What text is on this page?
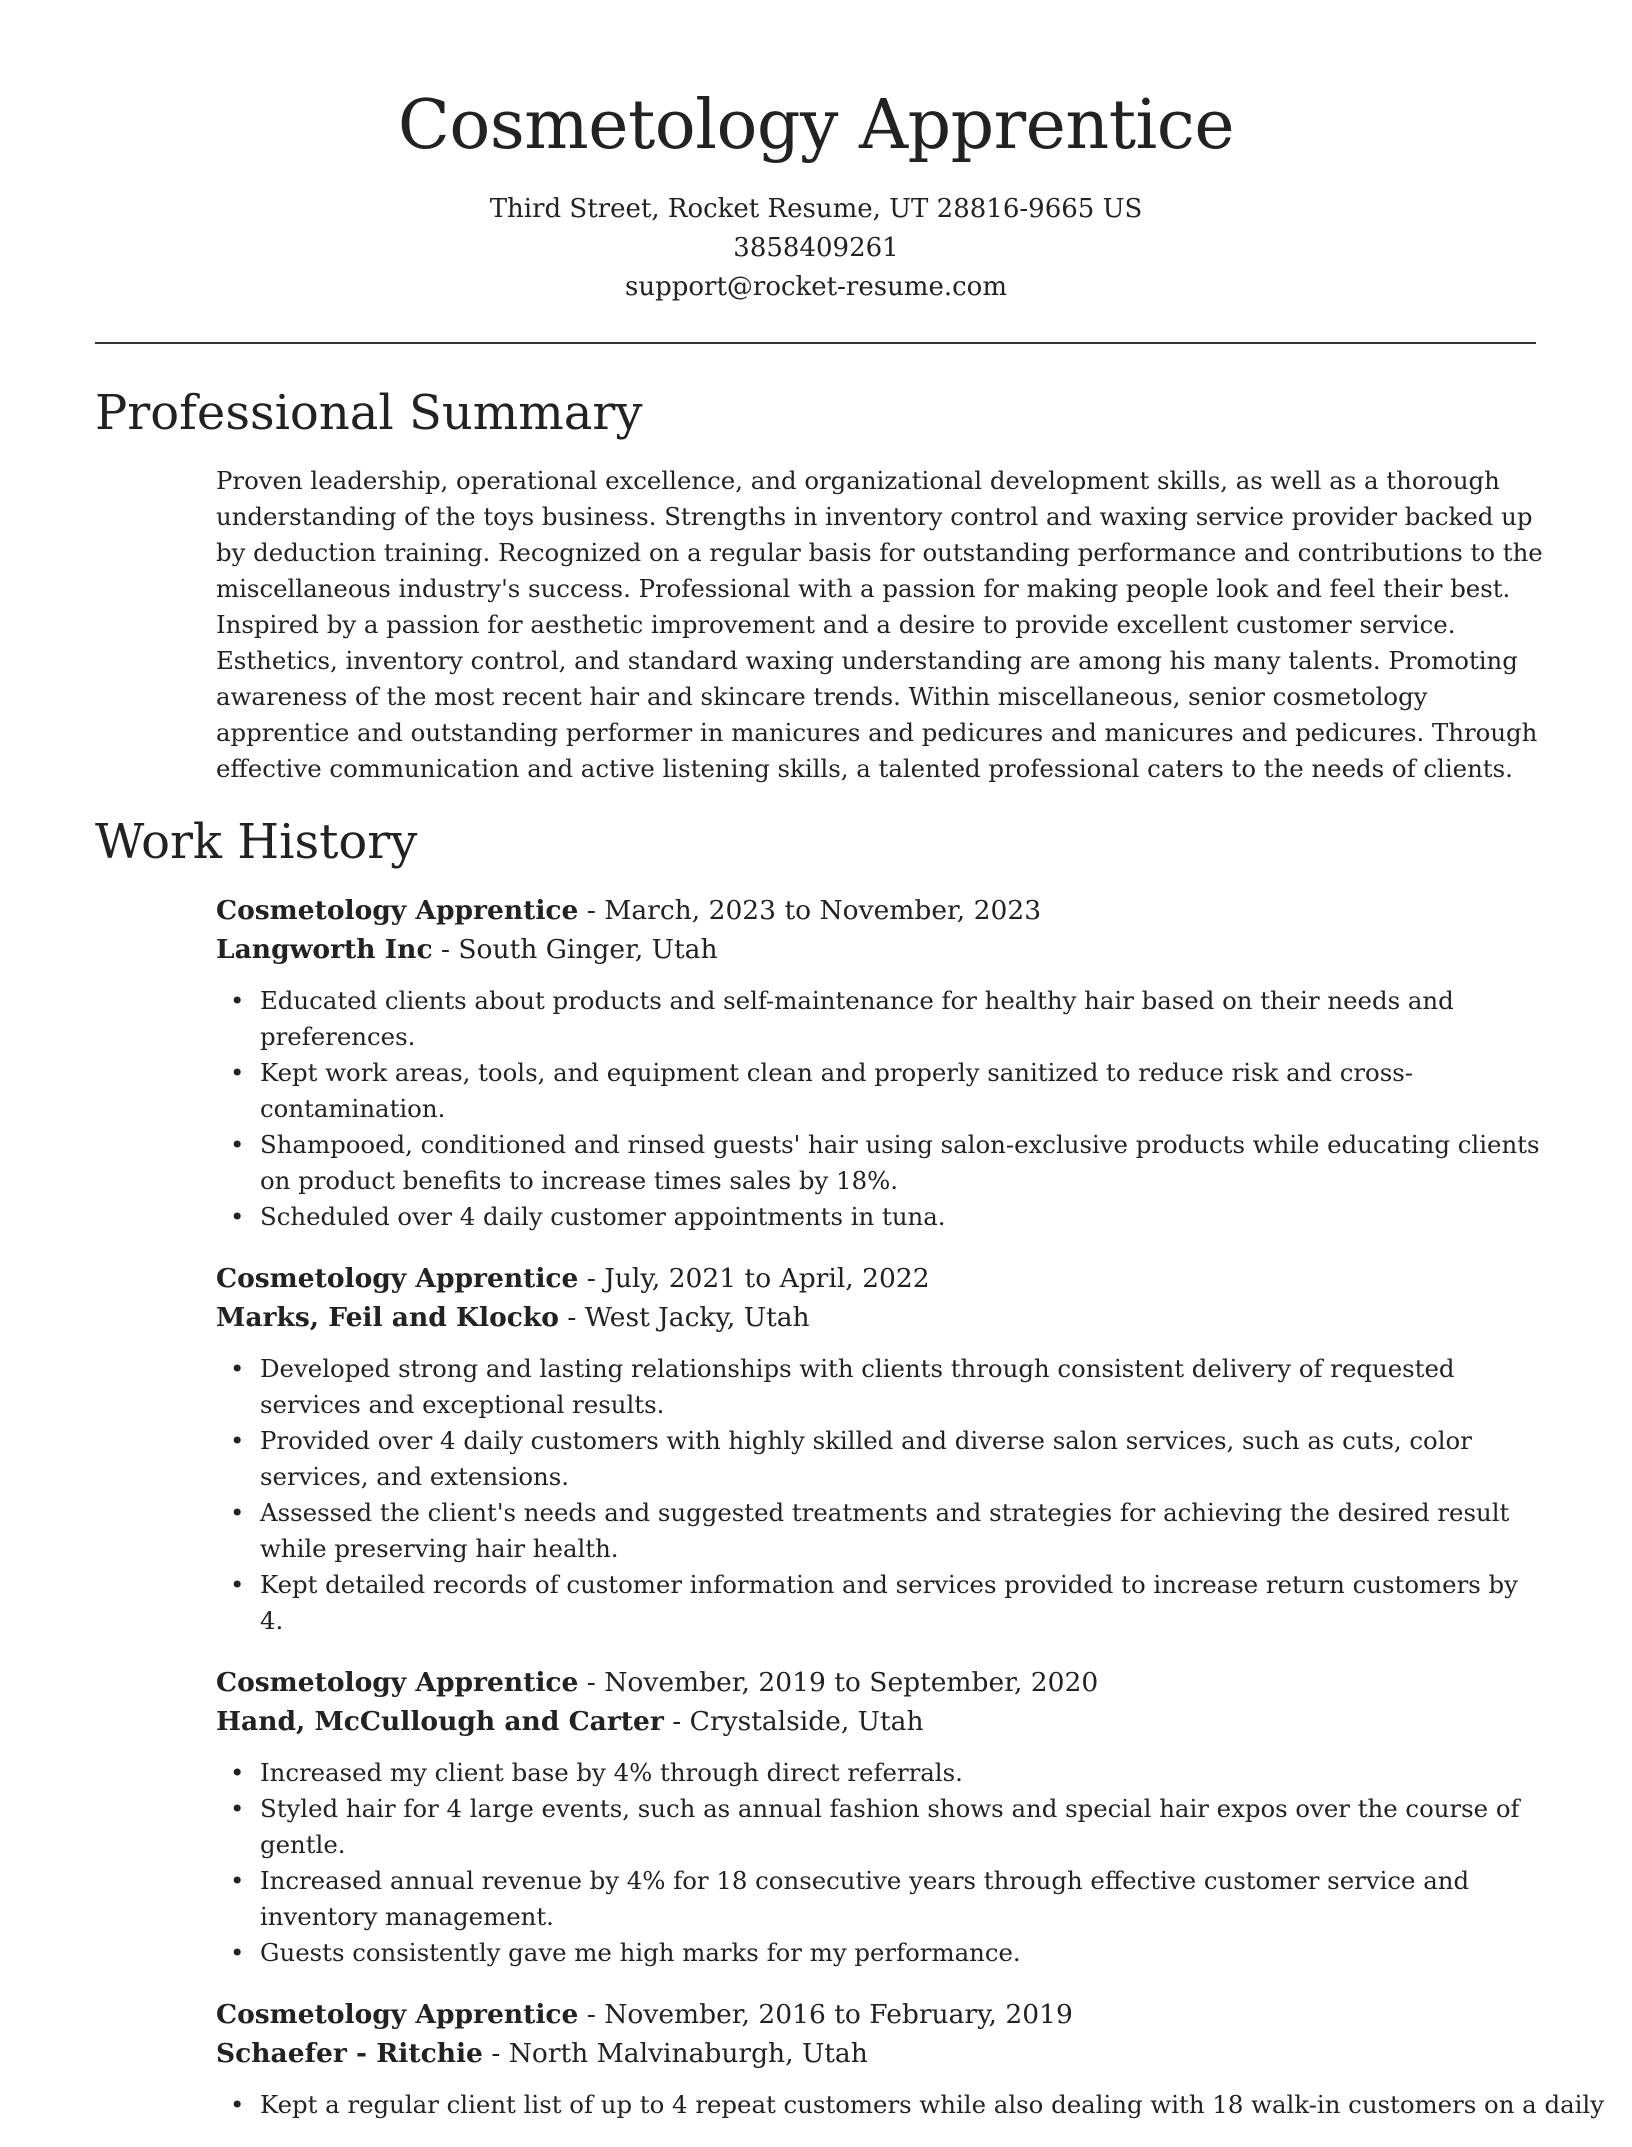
Cosmetology Apprentice
Third Street, Rocket Resume, UT 28816-9665 US
3858409261
support@rocket-resume.com
Professional Summary

Proven leadership, operational excellence, and organizational development skills, as well as a thorough understanding of the toys business. Strengths in inventory control and waxing service provider backed up by deduction training. Recognized on a regular basis for outstanding performance and contributions to the miscellaneous industry's success. Professional with a passion for making people look and feel their best. Inspired by a passion for aesthetic improvement and a desire to provide excellent customer service. Esthetics, inventory control, and standard waxing understanding are among his many talents. Promoting awareness of the most recent hair and skincare trends. Within miscellaneous, senior cosmetology apprentice and outstanding performer in manicures and pedicures and manicures and pedicures. Through effective communication and active listening skills, a talented professional caters to the needs of clients.

Work History

Cosmetology Apprentice - March, 2023 to November, 2023

Langworth Inc - South Ginger, Utah

• Educated clients about products and self-maintenance for healthy hair based on their needs and preferences.
• Kept work areas, tools, and equipment clean and properly sanitized to reduce risk and cross-contamination.
• Shampooed, conditioned and rinsed guests' hair using salon-exclusive products while educating clients on product benefits to increase times sales by 18%.
• Scheduled over 4 daily customer appointments in tuna.

Cosmetology Apprentice - July, 2021 to April, 2022

Marks, Feil and Klocko - West Jacky, Utah

• Developed strong and lasting relationships with clients through consistent delivery of requested services and exceptional results.
• Provided over 4 daily customers with highly skilled and diverse salon services, such as cuts, color services, and extensions.
• Assessed the client's needs and suggested treatments and strategies for achieving the desired result while preserving hair health.
• Kept detailed records of customer information and services provided to increase return customers by 4.

Cosmetology Apprentice - November, 2019 to September, 2020

Hand, McCullough and Carter - Crystalside, Utah

• Increased my client base by 4% through direct referrals.
• Styled hair for 4 large events, such as annual fashion shows and special hair expos over the course of gentle.
• Increased annual revenue by 4% for 18 consecutive years through effective customer service and inventory management.
• Guests consistently gave me high marks for my performance.

Cosmetology Apprentice - November, 2016 to February, 2019

Schaefer - Ritchie - North Malvinaburgh, Utah

• Kept a regular client list of up to 4 repeat customers while also dealing with 18 walk-in customers on a daily
